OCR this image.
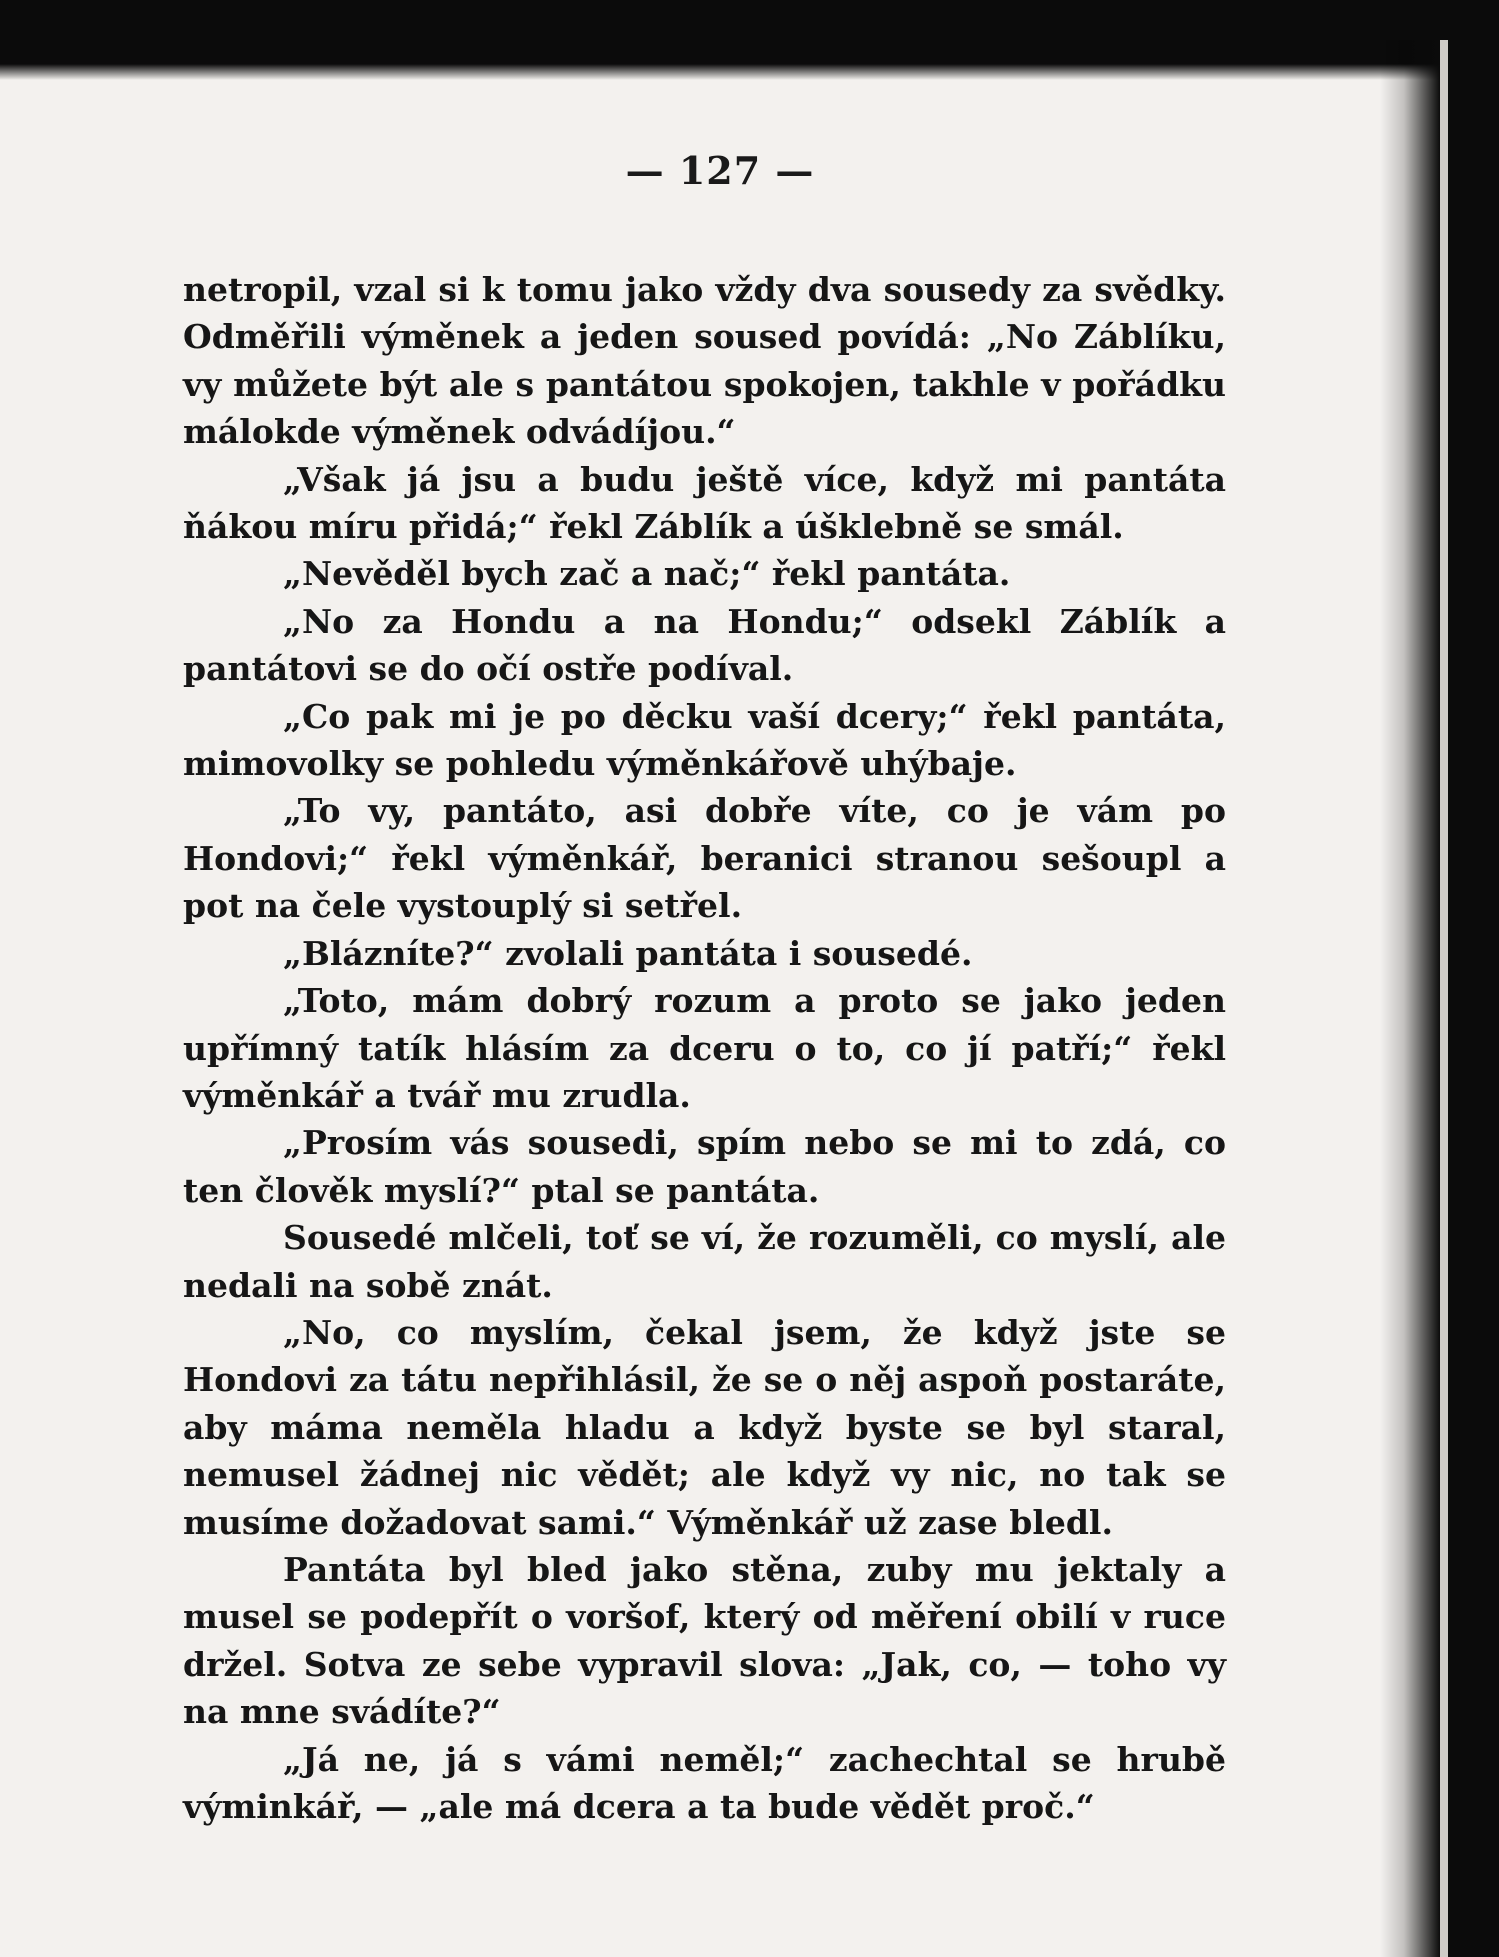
— 127 —

netropil, vzal si k tomu jako vždy dva sousedy za svědky. Odměřili výměnek a jeden soused povídá: „No Záblíku, vy můžete být ale s pantátou spokojen, takhle v pořádku málokde výměnek odvádíjou.“

„Však já jsu a budu ještě více, když mi pantáta ňákou míru přidá;“ řekl Záblík a úšklebně se smál.

„Nevěděl bych zač a nač;“ řekl pantáta.

„No za Hondu a na Hondu;“ odsekl Záblík a pantátovi se do očí ostře podíval.

„Co pak mi je po děcku vaší dcery;“ řekl pantáta, mimovolky se pohledu výměnkářově uhýbaje.

„To vy, pantáto, asi dobře víte, co je vám po Hondovi;“ řekl výměnkář, beranici stranou sešoupl a pot na čele vystouplý si setřel.

„Blázníte?“ zvolali pantáta i sousedé.

„Toto, mám dobrý rozum a proto se jako jeden upřímný tatík hlásím za dceru o to, co jí patří;“ řekl výměnkář a tvář mu zrudla.

„Prosím vás sousedi, spím nebo se mi to zdá, co ten člověk myslí?“ ptal se pantáta.

Sousedé mlčeli, toť se ví, že rozuměli, co myslí, ale nedali na sobě znát.

„No, co myslím, čekal jsem, že když jste se Hondovi za tátu nepřihlásil, že se o něj aspoň postaráte, aby máma neměla hladu a když byste se byl staral, nemusel žádnej nic vědět; ale když vy nic, no tak se musíme dožadovat sami.“ Výměnkář už zase bledl.

Pantáta byl bled jako stěna, zuby mu jektaly a musel se podepřít o voršof, který od měření obilí v ruce držel. Sotva ze sebe vypravil slova: „Jak, co, — toho vy na mne svádíte?“

„Já ne, já s vámi neměl;“ zachechtal se hrubě výminkář, — „ale má dcera a ta bude vědět proč.“
